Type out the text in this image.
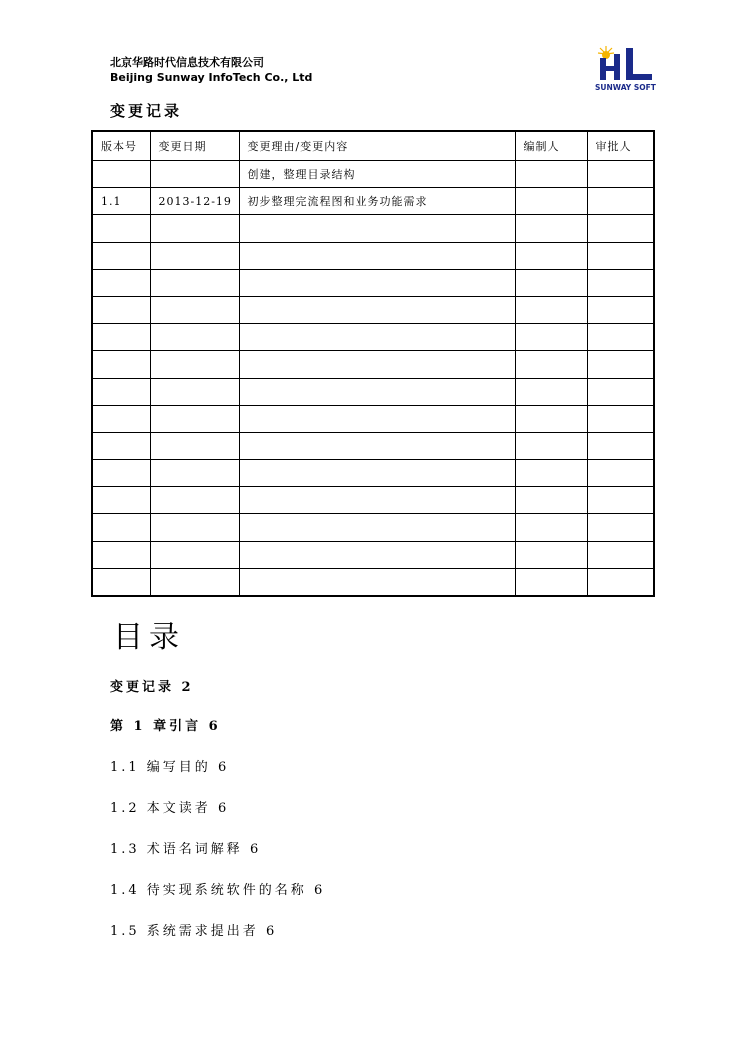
北京华路时代信息技术有限公司
Beijing Sunway InfoTech Co., Ltd
SUNWAY SOFT
变更记录
版本号	变更日期	变更理由/变更内容	编制人	审批人
		创建，整理目录结构		
1.1	2013-12-19	初步整理完流程图和业务功能需求		

目录
变更记录 2
第 1 章引言 6
1.1 编写目的 6
1.2 本文读者 6
1.3 术语名词解释 6
1.4 待实现系统软件的名称 6
1.5 系统需求提出者 6
